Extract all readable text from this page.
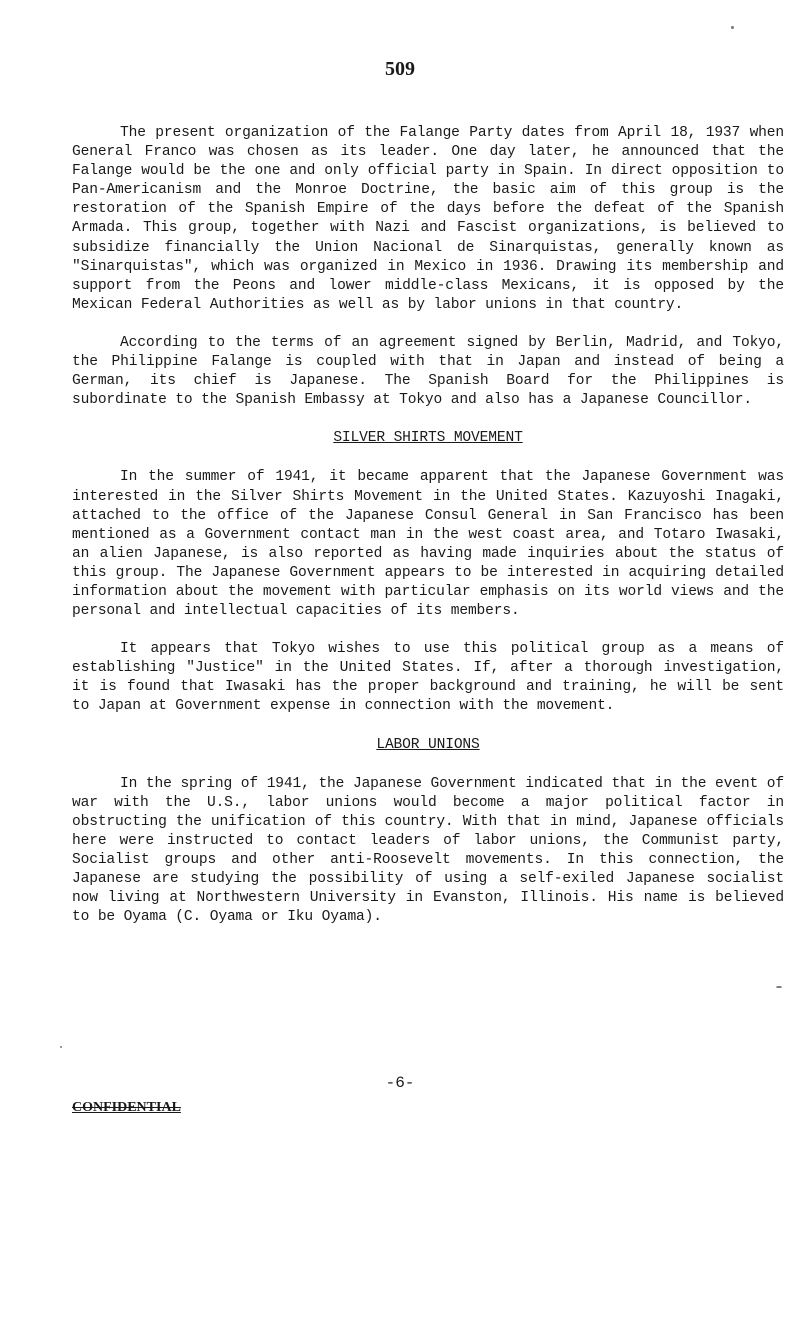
509

The present organization of the Falange Party dates from April 18, 1937 when General Franco was chosen as its leader. One day later, he announced that the Falange would be the one and only official party in Spain. In direct opposition to Pan-Americanism and the Monroe Doctrine, the basic aim of this group is the restoration of the Spanish Empire of the days before the defeat of the Spanish Armada. This group, together with Nazi and Fascist organizations, is believed to subsidize financially the Union Nacional de Sinarquistas, generally known as "Sinarquistas", which was organized in Mexico in 1936. Drawing its membership and support from the Peons and lower middle-class Mexicans, it is opposed by the Mexican Federal Authorities as well as by labor unions in that country.

According to the terms of an agreement signed by Berlin, Madrid, and Tokyo, the Philippine Falange is coupled with that in Japan and instead of being a German, its chief is Japanese. The Spanish Board for the Philippines is subordinate to the Spanish Embassy at Tokyo and also has a Japanese Councillor.

SILVER SHIRTS MOVEMENT

In the summer of 1941, it became apparent that the Japanese Government was interested in the Silver Shirts Movement in the United States. Kazuyoshi Inagaki, attached to the office of the Japanese Consul General in San Francisco has been mentioned as a Government contact man in the west coast area, and Totaro Iwasaki, an alien Japanese, is also reported as having made inquiries about the status of this group. The Japanese Government appears to be interested in acquiring detailed information about the movement with particular emphasis on its world views and the personal and intellectual capacities of its members.

It appears that Tokyo wishes to use this political group as a means of establishing "Justice" in the United States. If, after a thorough investigation, it is found that Iwasaki has the proper background and training, he will be sent to Japan at Government expense in connection with the movement.

LABOR UNIONS

In the spring of 1941, the Japanese Government indicated that in the event of war with the U.S., labor unions would become a major political factor in obstructing the unification of this country. With that in mind, Japanese officials here were instructed to contact leaders of labor unions, the Communist party, Socialist groups and other anti-Roosevelt movements. In this connection, the Japanese are studying the possibility of using a self-exiled Japanese socialist now living at Northwestern University in Evanston, Illinois. His name is believed to be Oyama (C. Oyama or Iku Oyama).

-6-
CONFIDENTIAL
